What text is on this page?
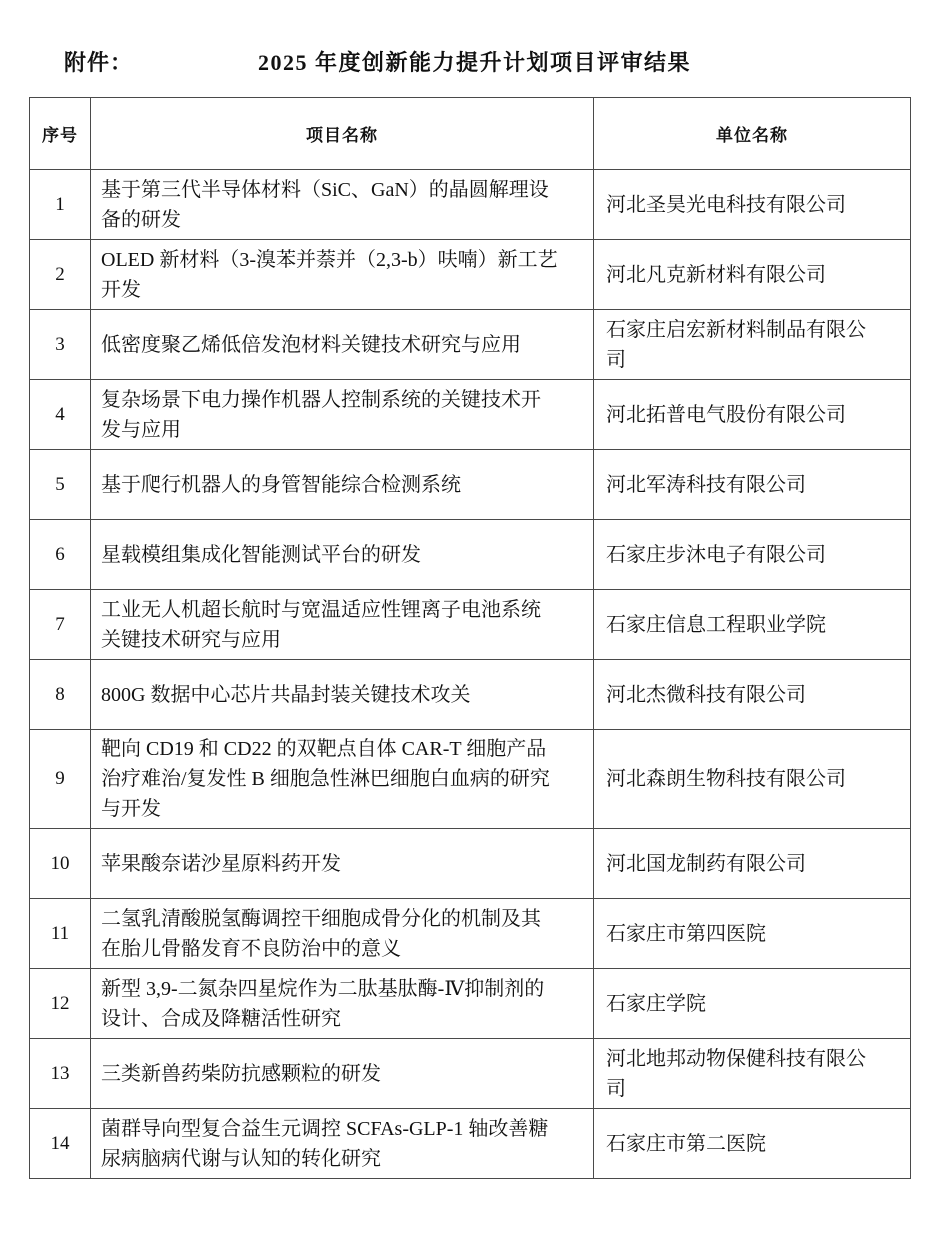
附件：	2025 年度创新能力提升计划项目评审结果
序号	项目名称	单位名称
1	基于第三代半导体材料（SiC、GaN）的晶圆解理设备的研发	河北圣昊光电科技有限公司
2	OLED 新材料（3-溴苯并萘并（2,3-b）呋喃）新工艺开发	河北凡克新材料有限公司
3	低密度聚乙烯低倍发泡材料关键技术研究与应用	石家庄启宏新材料制品有限公司
4	复杂场景下电力操作机器人控制系统的关键技术开发与应用	河北拓普电气股份有限公司
5	基于爬行机器人的身管智能综合检测系统	河北军涛科技有限公司
6	星载模组集成化智能测试平台的研发	石家庄步沐电子有限公司
7	工业无人机超长航时与宽温适应性锂离子电池系统关键技术研究与应用	石家庄信息工程职业学院
8	800G 数据中心芯片共晶封装关键技术攻关	河北杰微科技有限公司
9	靶向 CD19 和 CD22 的双靶点自体 CAR-T 细胞产品治疗难治/复发性 B 细胞急性淋巴细胞白血病的研究与开发	河北森朗生物科技有限公司
10	苹果酸奈诺沙星原料药开发	河北国龙制药有限公司
11	二氢乳清酸脱氢酶调控干细胞成骨分化的机制及其在胎儿骨骼发育不良防治中的意义	石家庄市第四医院
12	新型 3,9-二氮杂四星烷作为二肽基肽酶-Ⅳ抑制剂的设计、合成及降糖活性研究	石家庄学院
13	三类新兽药柴防抗感颗粒的研发	河北地邦动物保健科技有限公司
14	菌群导向型复合益生元调控 SCFAs-GLP-1 轴改善糖尿病脑病代谢与认知的转化研究	石家庄市第二医院
